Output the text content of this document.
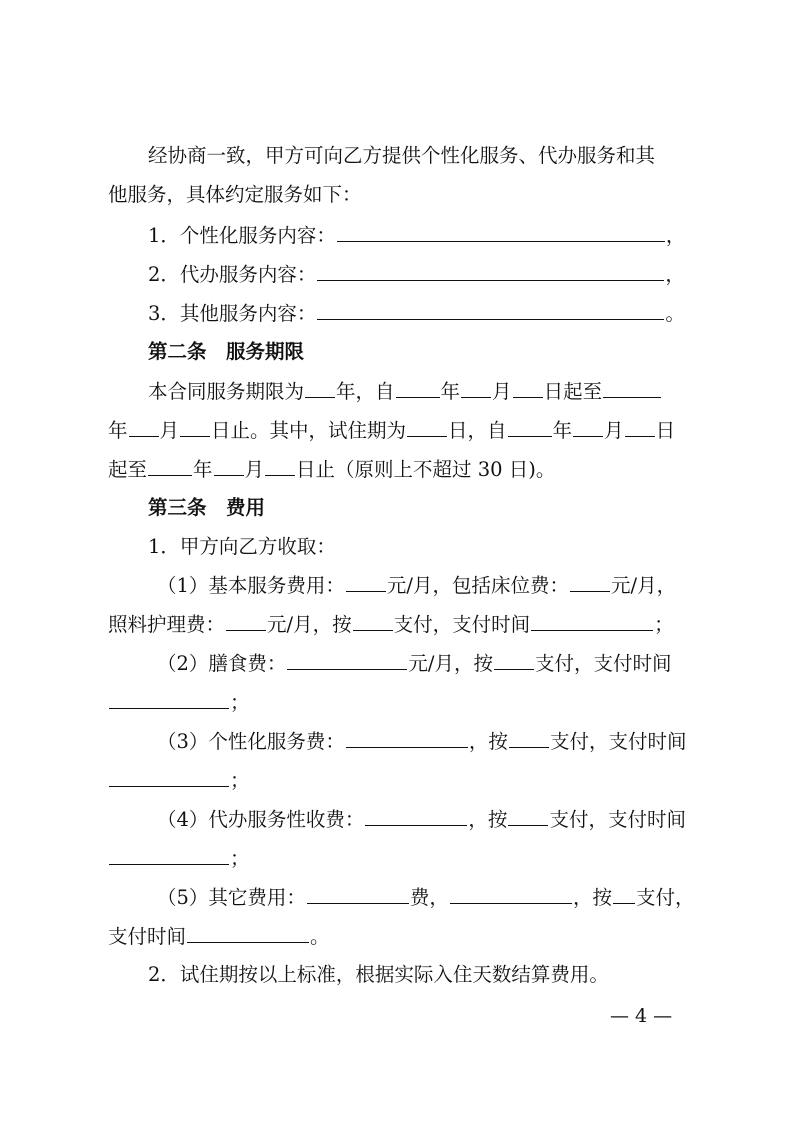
经协商一致，甲方可向乙方提供个性化服务、代办服务和其
他服务，具体约定服务如下：
1．个性化服务内容：	，
2．代办服务内容：	，
3．其他服务内容：	。
第二条　服务期限
本合同服务期限为 年，自 年 月 日起至
年 月 日止。其中，试住期为 日，自 年 月 日
起至 年 月 日止（原则上不超过 30 日)。
第三条　费用
1．甲方向乙方收取：
（1）基本服务费用： 元/月，包括床位费： 元/月，
照料护理费： 元/月，按 支付，支付时间	；
（2）膳食费：	元/月，按 支付，支付时间
；
（3）个性化服务费：	，按 支付，支付时间
；
（4）代办服务性收费：	，按 支付，支付时间
；
（5）其它费用：	费，	，按 支付，
支付时间	。
2．试住期按以上标准，根据实际入住天数结算费用。
— 4 —
